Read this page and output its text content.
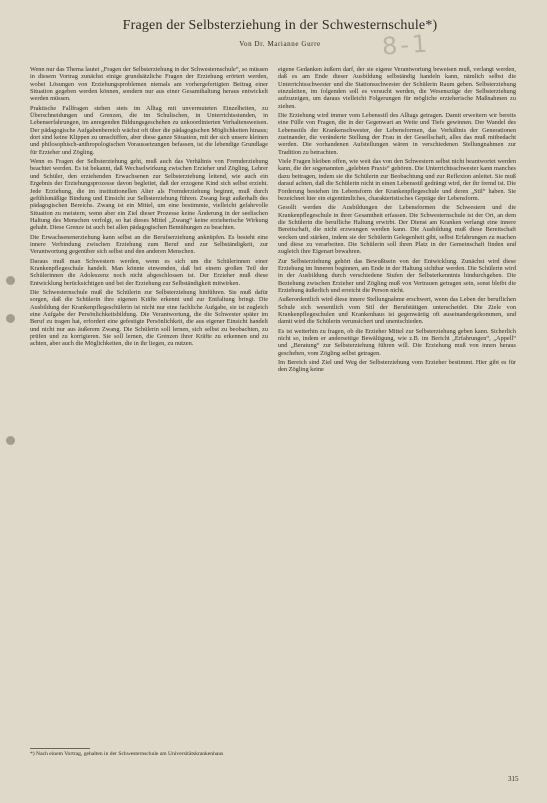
Fragen der Selbsterziehung in der Schwesternschule*)
Von Dr. Marianne Gurre	8-1

Wenn nur das Thema lautet „Fragen der Selbsterziehung in der Schwesternschule“, so müssen in diesem Vortrag zunächst einige grundsätzliche Fragen der Erziehung erörtert werden, wobei Lösungen von Erziehungsproblemen niemals am vorhergefertigten Beitrag einer Situation gegeben werden können, sondern nur aus einer Gesamthaltung heraus entwickelt werden müssen.

Praktische Fallfragen stehen stets im Alltag mit unvermuteten Einzelheiten, zu Überschneidungen und Grenzen, die im Schulischen, in Unterrichtsstunden, in Lebenserfahrungen, im anregenden Bildungsgeschehen zu unkoordinierten Verhaltensweisen. Der pädagogische Aufgabenbereich wächst oft über die pädagogischen Möglichkeiten hinaus; dort sind keine Klippen zu umschiffen, aber diese ganze Situation, mit der sich unsere kleinen und philosophisch-anthropologischen Voraussetzungen befassen, ist die lebendige Grundlage für Erzieher und Zögling.

Wenn es Fragen der Selbsterziehung geht, muß auch das Verhältnis von Fremderziehung beachtet werden. Es ist bekannt, daß Wechselwirkung zwischen Erzieher und Zögling, Lehrer und Schüler, den erziehenden Erwachsenen zur Selbsterziehung leitend, wie auch ein Ergebnis der Erziehungsprozesse davon begleitet, daß der erzogene Kind sich selbst erzieht. Jede Erziehung, die im institutionellen Alter als Fremderziehung beginnt, muß durch gefühlsmäßige Bindung und Einsicht zur Selbsterziehung führen. Zwang liegt außerhalb des pädagogischen Bereichs. Zwang ist ein Mittel, um eine bestimmte, vielleicht gefahrvolle Situation zu meistern, wenn aber ein Ziel dieser Prozesse keine Änderung in der seelischen Haltung des Menschen verfolgt, so hat dieses Mittel „Zwang“ keine erzieherische Wirkung gehabt. Diese Grenze ist auch bei allen pädagogischen Bemühungen zu beachten.

Die Erwachsenenerziehung kann selbst an die Berufserziehung anknüpfen. Es besteht eine innere Verbindung zwischen Erziehung zum Beruf und zur Selbständigkeit, zur Verantwortung gegenüber sich selbst und den anderen Menschen.

Daraus muß man Schwestern werden, wenn es sich um die Schülerinnen einer Krankenpflegeschule handelt. Man könnte einwenden, daß bei einem großen Teil der Schülerinnen die Adoleszenz noch nicht abgeschlossen ist. Der Erzieher muß diese Entwicklung berücksichtigen und bei der Erziehung zur Selbständigkeit mitwirken.

Die Schwesternschule muß die Schülerin zur Selbsterziehung hinführen. Sie muß dafür sorgen, daß die Schülerin ihre eigenen Kräfte erkennt und zur Entfaltung bringt. Die Ausbildung der Krankenpflegeschülerin ist nicht nur eine fachliche Aufgabe, sie ist zugleich eine Aufgabe der Persönlichkeitsbildung. Die Verantwortung, die die Schwester später im Beruf zu tragen hat, erfordert eine gefestigte Persönlichkeit, die aus eigener Einsicht handelt und nicht nur aus äußerem Zwang. Die Schülerin soll lernen, sich selbst zu beobachten, zu prüfen und zu korrigieren. Sie soll lernen, die Grenzen ihrer Kräfte zu erkennen und zu achten, aber auch die Möglichkeiten, die in ihr liegen, zu nutzen.

eigene Gedanken äußern darf, der sie eigene Verantwortung beweisen muß, verlangt werden, daß es am Ende dieser Ausbildung selbständig handeln kann, nämlich selbst die Unterrichtsschwester und die Stationsschwester der Schülerin Raum geben. Selbsterziehung einzuleiten, im folgenden soll es versucht werden, die Wesenszüge der Selbsterziehung aufzuzeigen, um daraus vielleicht Folgerungen für mögliche erzieherische Maßnahmen zu ziehen.

Die Erziehung wird immer vom Lebensstil des Alltags getragen. Damit erweitern wir bereits eine Fülle von Fragen, die in der Gegenwart an Weite und Tiefe gewinnen. Der Wandel des Lebensstils der Krankenschwester, der Lebensformen, das Verhältnis der Generationen zueinander, die veränderte Stellung der Frau in der Gesellschaft, alles das muß mitbedacht werden. Die vorhandenen Aufstellungen wären in verschiedenen Stellungnahmen zur Tradition zu betrachten.

Viele Fragen bleiben offen, wie weit das von den Schwestern selbst nicht beantwortet werden kann, die der sogenannten „gelebten Praxis“ gehören. Die Unterrichtsschwester kann manches dazu beitragen, indem sie die Schülerin zur Beobachtung und zur Reflexion anleitet. Sie muß darauf achten, daß die Schülerin nicht in einen Lebensstil gedrängt wird, der ihr fremd ist. Die Forderung bestehen im Lebensform der Krankenpflegeschule und deren „Stil“ haben. Sie bezeichnet hier ein eigentümliches, charakteristisches Gepräge der Lebensform.

Gesollt werden die Ausbildungen der Lebensformen die Schwestern und die Krankenpflegeschule in ihrer Gesamtheit erfassen. Die Schwesternschule ist der Ort, an dem die Schülerin die berufliche Haltung erwirbt. Der Dienst am Kranken verlangt eine innere Bereitschaft, die nicht erzwungen werden kann. Die Ausbildung muß diese Bereitschaft wecken und stärken, indem sie der Schülerin Gelegenheit gibt, selbst Erfahrungen zu machen und diese zu verarbeiten. Die Schülerin soll ihren Platz in der Gemeinschaft finden und zugleich ihre Eigenart bewahren.

Zur Selbsterziehung gehört das Bewußtsein von der Entwicklung. Zunächst wird diese Erziehung im Inneren beginnen, am Ende in der Haltung sichtbar werden. Die Schülerin wird in der Ausbildung durch verschiedene Stufen der Selbsterkenntnis hindurchgehen. Die Beziehung zwischen Erzieher und Zögling muß von Vertrauen getragen sein, sonst bleibt die Erziehung äußerlich und erreicht die Person nicht.

Außerordentlich wird diese innere Stellungnahme erschwert, wenn das Leben der beruflichen Schule sich wesentlich vom Stil der Berufstätigen unterscheidet. Die Ziele von Krankenpflegeschulen und Krankenhaus ist gegenwärtig oft auseinandergekommen, und damit wird die Schülerin verunsichert und unentschieden.

Es ist weiterhin zu fragen, ob die Erzieher Mittel zur Selbsterziehung geben kann. Sicherlich nicht so, indem er anderseitige Bewältigung, wie z.B. im Bericht „Erfahrungen“, „Appell“ und „Beratung“ zur Selbsterziehung führen will. Die Erziehung muß von innen heraus geschehen, vom Zögling selbst getragen.

Im Bereich sind Ziel und Weg der Selbsterziehung vom Erzieher bestimmt. Hier gibt es für den Zögling keine

*) Nach einem Vortrag, gehalten in der Schwesternschule am Universitätskrankenhaus
315
